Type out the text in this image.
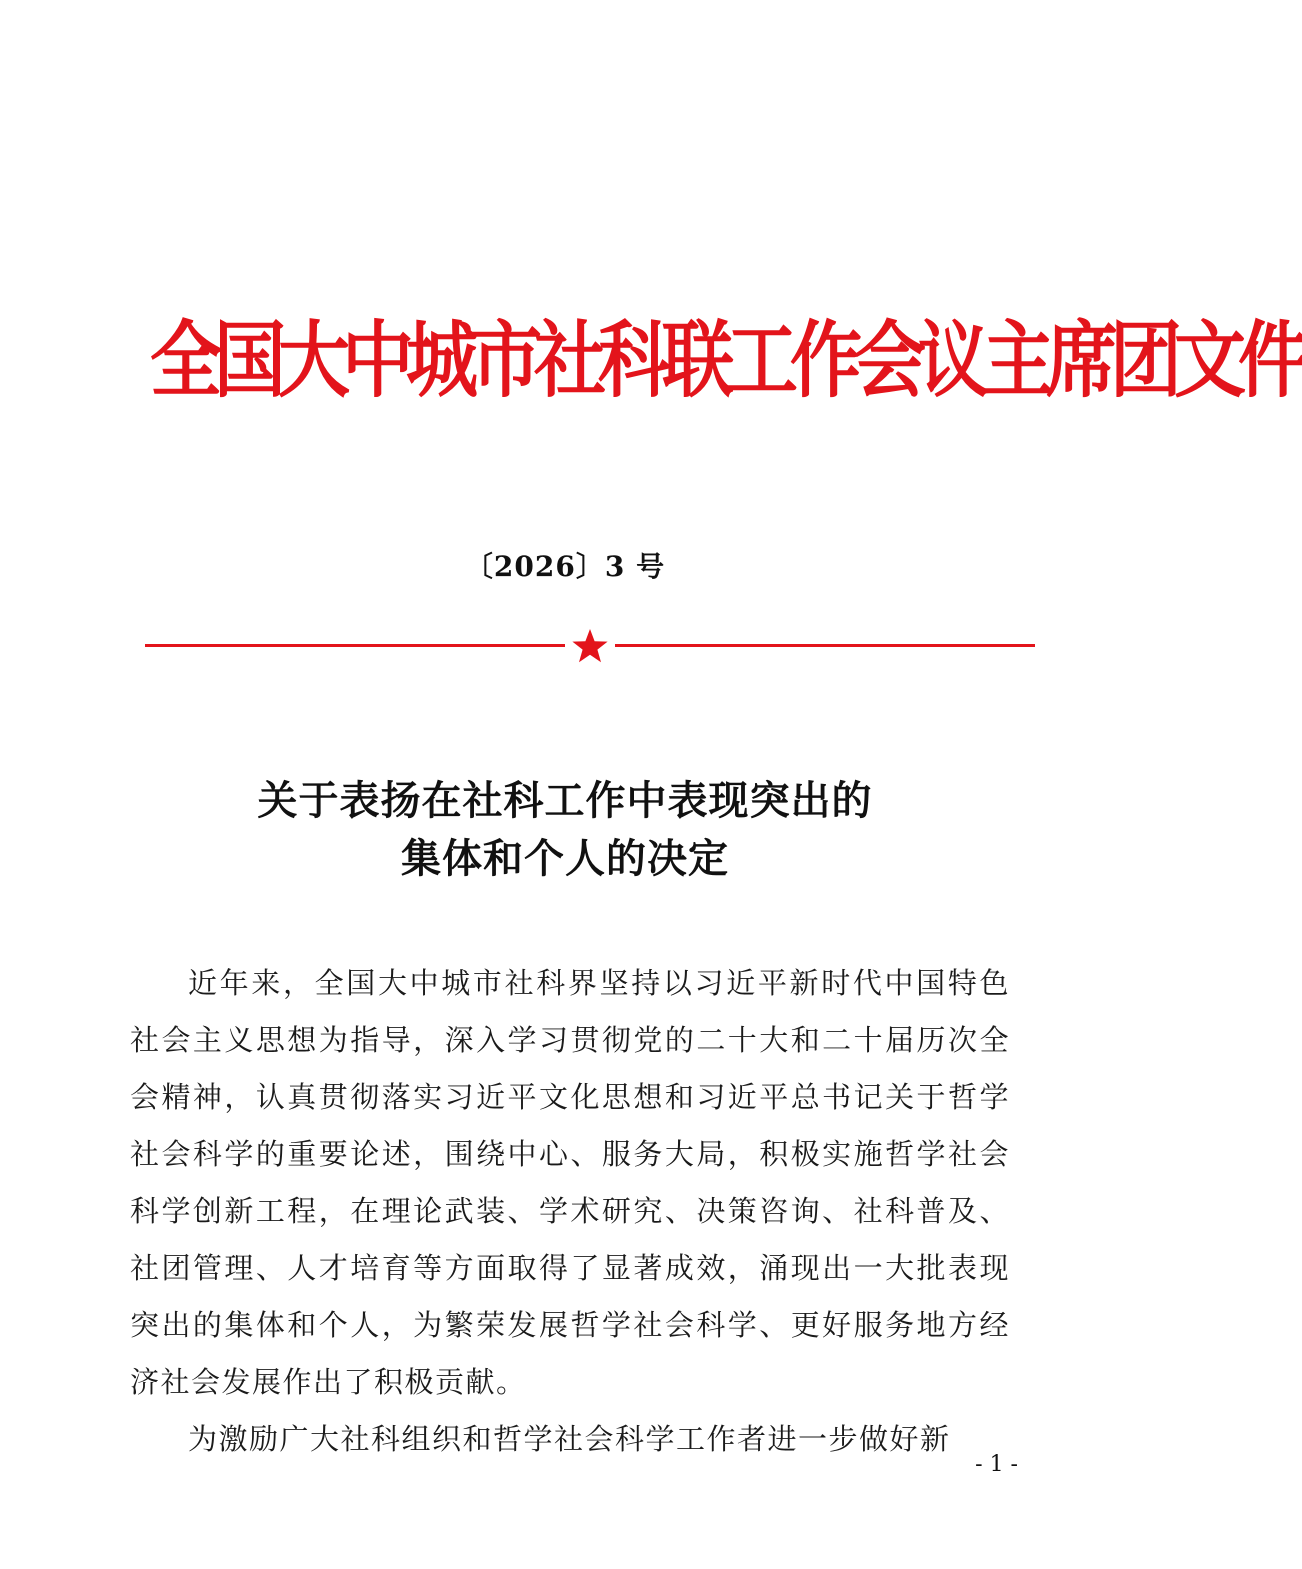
全国大中城市社科联工作会议主席团文件
〔2026〕3 号
关于表扬在社科工作中表现突出的
集体和个人的决定

近年来，全国大中城市社科界坚持以习近平新时代中国特色社会主义思想为指导，深入学习贯彻党的二十大和二十届历次全会精神，认真贯彻落实习近平文化思想和习近平总书记关于哲学社会科学的重要论述，围绕中心、服务大局，积极实施哲学社会科学创新工程，在理论武装、学术研究、决策咨询、社科普及、社团管理、人才培育等方面取得了显著成效，涌现出一大批表现突出的集体和个人，为繁荣发展哲学社会科学、更好服务地方经济社会发展作出了积极贡献。

为激励广大社科组织和哲学社会科学工作者进一步做好新

- 1 -
